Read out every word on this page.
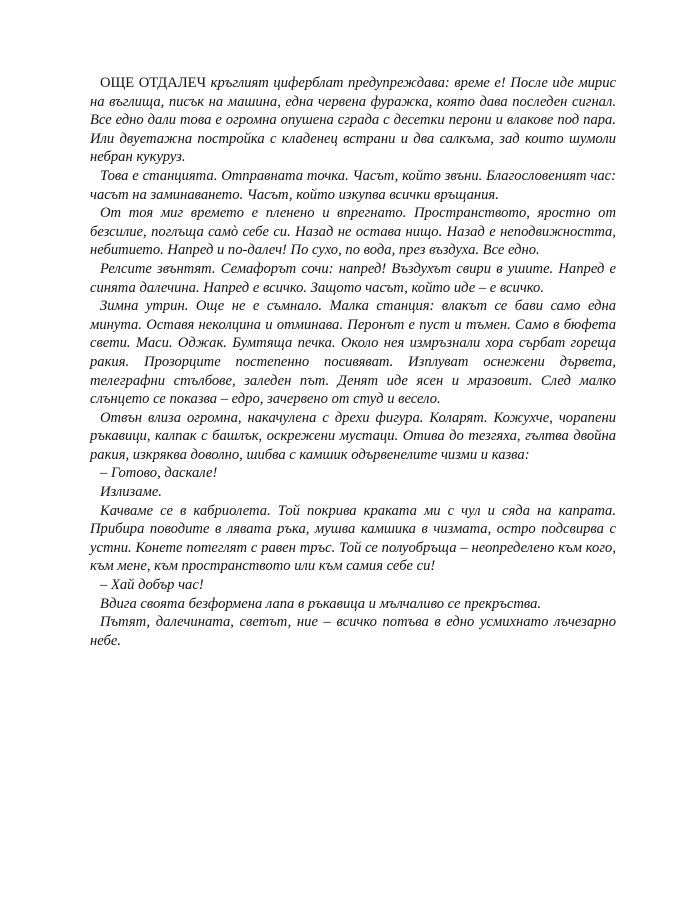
ОЩЕ ОТДАЛЕЧ кръглият циферблат предупреждава: време е! После иде мирис на въглища, писък на машина, една червена фуражка, която дава последен сигнал. Все едно дали това е огромна опушена сграда с десетки перони и влакове под пара. Или двуетажна постройка с кладенец встрани и два салкъма, зад които шумоли небран кукуруз.

Това е станцията. Отправната точка. Часът, който звъни. Благословеният час: часът на заминаването. Часът, който изкупва всички връщания.

От тоя миг времето е пленено и впрегнато. Пространството, яростно от безсилие, поглъща самò себе си. Назад не остава нищо. Назад е неподвижността, небитието. Напред и по-далеч! По сухо, по вода, през въздуха. Все едно.

Релсите звънтят. Семафорът сочи: напред! Въздухът свири в ушите. Напред е синята далечина. Напред е всичко. Защото часът, който иде – е всичко.

Зимна утрин. Още не е съмнало. Малка станция: влакът се бави само една минута. Оставя неколцина и отминава. Перонът е пуст и тъмен. Само в бюфета свети. Маси. Оджак. Бумтяща печка. Около нея измръзнали хора сърбат гореща ракия. Прозорците постепенно посивяват. Изплуват оснежени дървета, телеграфни стълбове, заледен път. Денят иде ясен и мразовит. След малко слънцето се показва – едро, зачервено от студ и весело.

Отвън влиза огромна, накачулена с дрехи фигура. Коларят. Кожухче, чорапени ръкавици, калпак с башлък, оскрежени мустаци. Отива до тезгяха, гълтва двойна ракия, изкряква доволно, шибва с камшик одървенелите чизми и казва:

– Готово, даскале!

Излизаме.

Качваме се в кабриолета. Той покрива краката ми с чул и сяда на капрата. Прибира поводите в лявата ръка, мушва камшика в чизмата, остро подсвирва с устни. Конете потеглят с равен тръс. Той се полуобръща – неопределено към кого, към мене, към пространството или към самия себе си!

– Хай добър час!

Вдига своята безформена лапа в ръкавица и мълчаливо се прекръства.

Пътят, далечината, светът, ние – всичко потъва в едно усмихнато лъчезарно небе.
